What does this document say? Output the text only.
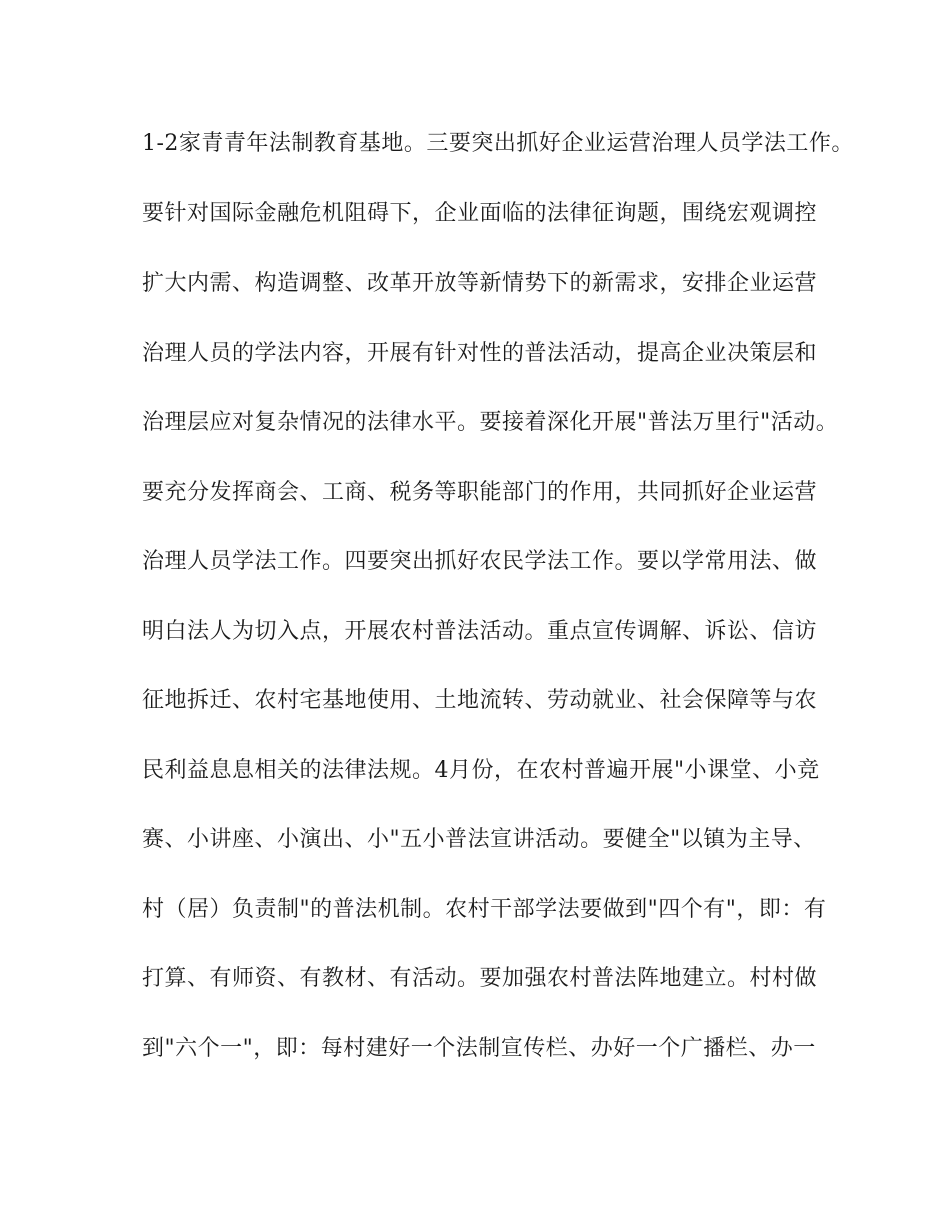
1-2家青青年法制教育基地。三要突出抓好企业运营治理人员学法工作。

要针对国际金融危机阻碍下，企业面临的法律征询题，围绕宏观调控

扩大内需、构造调整、改革开放等新情势下的新需求，安排企业运营

治理人员的学法内容，开展有针对性的普法活动，提高企业决策层和

治理层应对复杂情况的法律水平。要接着深化开展"普法万里行"活动。

要充分发挥商会、工商、税务等职能部门的作用，共同抓好企业运营

治理人员学法工作。四要突出抓好农民学法工作。要以学常用法、做

明白法人为切入点，开展农村普法活动。重点宣传调解、诉讼、信访

征地拆迁、农村宅基地使用、土地流转、劳动就业、社会保障等与农

民利益息息相关的法律法规。4月份，在农村普遍开展"小课堂、小竞

赛、小讲座、小演出、小"五小普法宣讲活动。要健全"以镇为主导、

村（居）负责制"的普法机制。农村干部学法要做到"四个有"，即：有

打算、有师资、有教材、有活动。要加强农村普法阵地建立。村村做

到"六个一"，即：每村建好一个法制宣传栏、办好一个广播栏、办一
